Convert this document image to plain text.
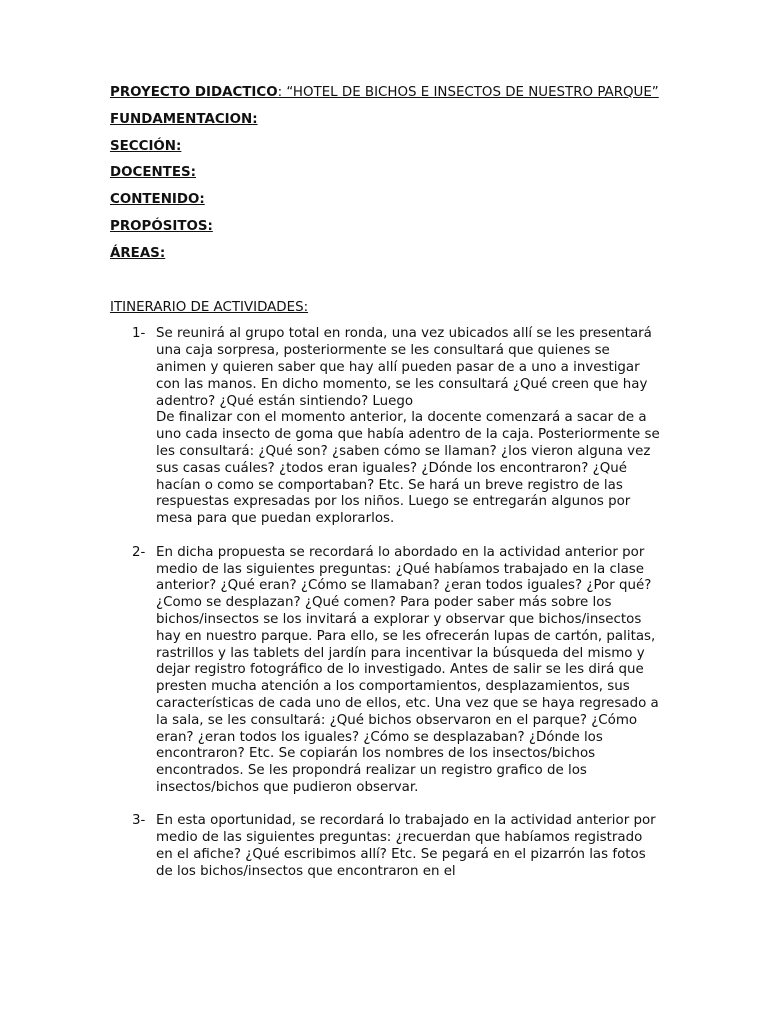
PROYECTO DIDACTICO: “HOTEL DE BICHOS E INSECTOS DE NUESTRO PARQUE”
FUNDAMENTACION:
SECCIÓN:
DOCENTES:
CONTENIDO:
PROPÓSITOS:
ÁREAS:
ITINERARIO DE ACTIVIDADES:
1- Se reunirá al grupo total en ronda, una vez ubicados allí se les presentará una caja sorpresa, posteriormente se les consultará que quienes se animen y quieren saber que hay allí pueden pasar de a uno a investigar con las manos. En dicho momento, se les consultará ¿Qué creen que hay adentro? ¿Qué están sintiendo? Luego
De finalizar con el momento anterior, la docente comenzará a sacar de a uno cada insecto de goma que había adentro de la caja. Posteriormente se les consultará: ¿Qué son? ¿saben cómo se llaman? ¿los vieron alguna vez sus casas cuáles? ¿todos eran iguales? ¿Dónde los encontraron? ¿Qué hacían o como se comportaban? Etc. Se hará un breve registro de las respuestas expresadas por los niños. Luego se entregarán algunos por mesa para que puedan explorarlos.
2- En dicha propuesta se recordará lo abordado en la actividad anterior por medio de las siguientes preguntas: ¿Qué habíamos trabajado en la clase anterior? ¿Qué eran? ¿Cómo se llamaban? ¿eran todos iguales? ¿Por qué? ¿Como se desplazan? ¿Qué comen? Para poder saber más sobre los bichos/insectos se los invitará a explorar y observar que bichos/insectos hay en nuestro parque. Para ello, se les ofrecerán lupas de cartón, palitas, rastrillos y las tablets del jardín para incentivar la búsqueda del mismo y dejar registro fotográfico de lo investigado. Antes de salir se les dirá que presten mucha atención a los comportamientos, desplazamientos, sus características de cada uno de ellos, etc. Una vez que se haya regresado a la sala, se les consultará: ¿Qué bichos observaron en el parque? ¿Cómo eran? ¿eran todos los iguales? ¿Cómo se desplazaban? ¿Dónde los encontraron? Etc. Se copiarán los nombres de los insectos/bichos encontrados. Se les propondrá realizar un registro grafico de los insectos/bichos que pudieron observar.
3- En esta oportunidad, se recordará lo trabajado en la actividad anterior por medio de las siguientes preguntas: ¿recuerdan que habíamos registrado en el afiche? ¿Qué escribimos allí? Etc. Se pegará en el pizarrón las fotos de los bichos/insectos que encontraron en el
